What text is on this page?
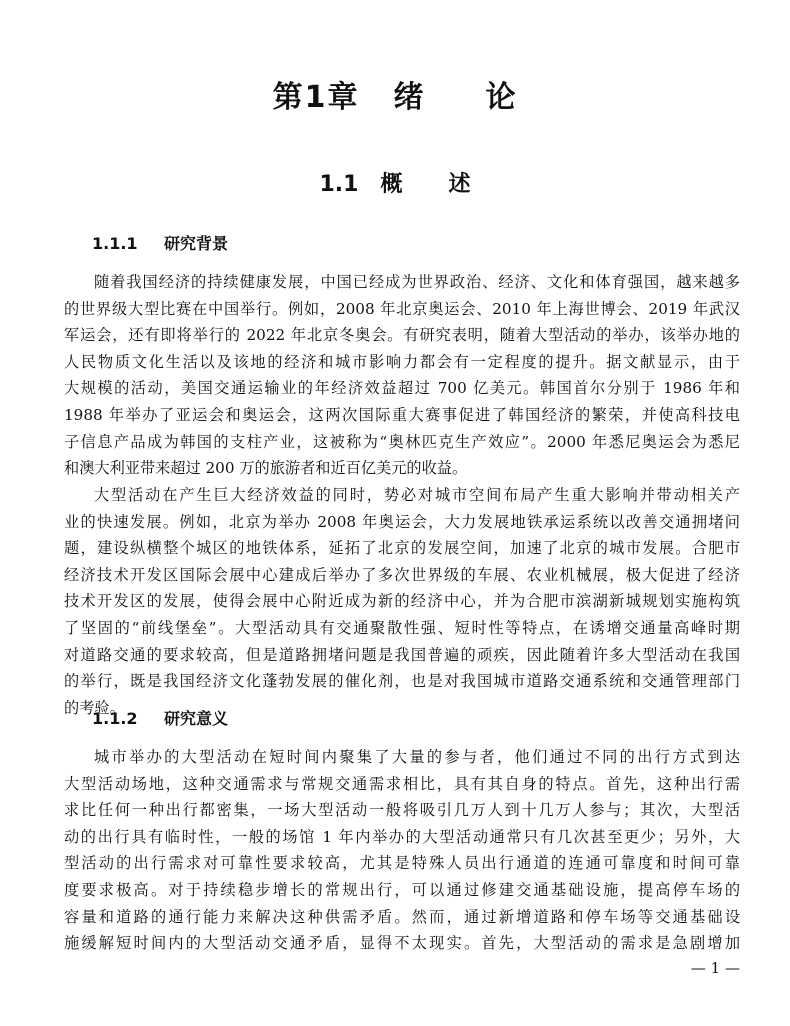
第1章 绪 论
1.1 概 述
1.1.1 研究背景
随着我国经济的持续健康发展，中国已经成为世界政治、经济、文化和体育强国，越来越多
的世界级大型比赛在中国举行。例如，2008 年北京奥运会、2010 年上海世博会、2019 年武汉
军运会，还有即将举行的 2022 年北京冬奥会。有研究表明，随着大型活动的举办，该举办地的
人民物质文化生活以及该地的经济和城市影响力都会有一定程度的提升。据文献显示，由于
大规模的活动，美国交通运输业的年经济效益超过 700 亿美元。韩国首尔分别于 1986 年和
1988 年举办了亚运会和奥运会，这两次国际重大赛事促进了韩国经济的繁荣，并使高科技电
子信息产品成为韩国的支柱产业，这被称为“奥林匹克生产效应”。2000 年悉尼奥运会为悉尼
和澳大利亚带来超过 200 万的旅游者和近百亿美元的收益。
大型活动在产生巨大经济效益的同时，势必对城市空间布局产生重大影响并带动相关产
业的快速发展。例如，北京为举办 2008 年奥运会，大力发展地铁承运系统以改善交通拥堵问
题，建设纵横整个城区的地铁体系，延拓了北京的发展空间，加速了北京的城市发展。合肥市
经济技术开发区国际会展中心建成后举办了多次世界级的车展、农业机械展，极大促进了经济
技术开发区的发展，使得会展中心附近成为新的经济中心，并为合肥市滨湖新城规划实施构筑
了坚固的“前线堡垒”。大型活动具有交通聚散性强、短时性等特点，在诱增交通量高峰时期
对道路交通的要求较高，但是道路拥堵问题是我国普遍的顽疾，因此随着许多大型活动在我国
的举行，既是我国经济文化蓬勃发展的催化剂，也是对我国城市道路交通系统和交通管理部门
的考验。
1.1.2 研究意义
城市举办的大型活动在短时间内聚集了大量的参与者，他们通过不同的出行方式到达
大型活动场地，这种交通需求与常规交通需求相比，具有其自身的特点。首先，这种出行需
求比任何一种出行都密集，一场大型活动一般将吸引几万人到十几万人参与；其次，大型活
动的出行具有临时性，一般的场馆 1 年内举办的大型活动通常只有几次甚至更少；另外，大
型活动的出行需求对可靠性要求较高，尤其是特殊人员出行通道的连通可靠度和时间可靠
度要求极高。对于持续稳步增长的常规出行，可以通过修建交通基础设施，提高停车场的
容量和道路的通行能力来解决这种供需矛盾。然而，通过新增道路和停车场等交通基础设
施缓解短时间内的大型活动交通矛盾，显得不太现实。首先，大型活动的需求是急剧增加
— 1 —
